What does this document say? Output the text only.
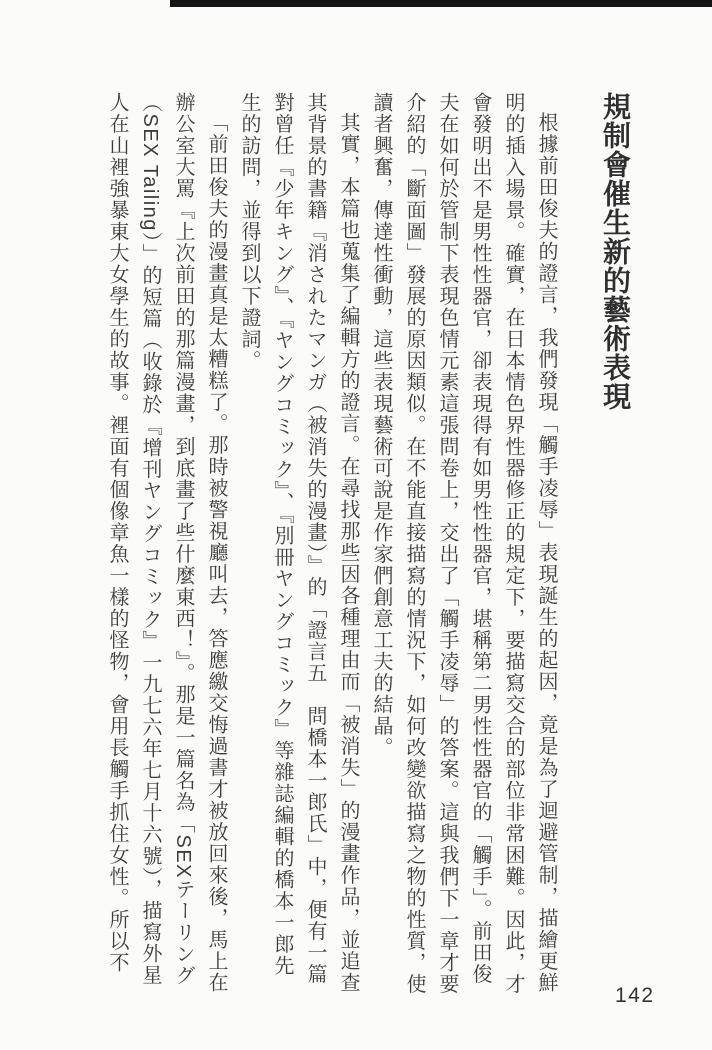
規制會催生新的藝術表現

根據前田俊夫的證言，我們發現「觸手凌辱」表現誕生的起因，竟是為了迴避管制，描繪更鮮明的插入場景。確實，在日本情色界性器修正的規定下，要描寫交合的部位非常困難。因此，才會發明出不是男性性器官，卻表現得有如男性性器官，堪稱第二男性性器官的「觸手」。前田俊夫在如何於管制下表現色情元素這張問卷上，交出了「觸手凌辱」的答案。這與我們下一章才要介紹的「斷面圖」發展的原因類似。在不能直接描寫的情況下，如何改變欲描寫之物的性質，使讀者興奮，傳達性衝動，這些表現藝術可說是作家們創意工夫的結晶。

其實，本篇也蒐集了編輯方的證言。在尋找那些因各種理由而「被消失」的漫畫作品，並追查其背景的書籍『消されたマンガ（被消失的漫畫）』的「證言五　問橋本一郎氏」中，便有一篇對曾任『少年キング』、『ヤングコミック』、『別冊ヤングコミック』等雜誌編輯的橋本一郎先生的訪問，並得到以下證詞。

「前田俊夫的漫畫真是太糟糕了。那時被警視廳叫去，答應繳交悔過書才被放回來後，馬上在辦公室大罵『上次前田的那篇漫畫，到底畫了些什麼東西！』。那是一篇名為「SEXテーリング（SEX Tailing）」的短篇（收錄於『增刊ヤングコミック』一九七六年七月十六號），描寫外星人在山裡強暴東大女學生的故事。裡面有個像章魚一樣的怪物，會用長觸手抓住女性。所以不

142
